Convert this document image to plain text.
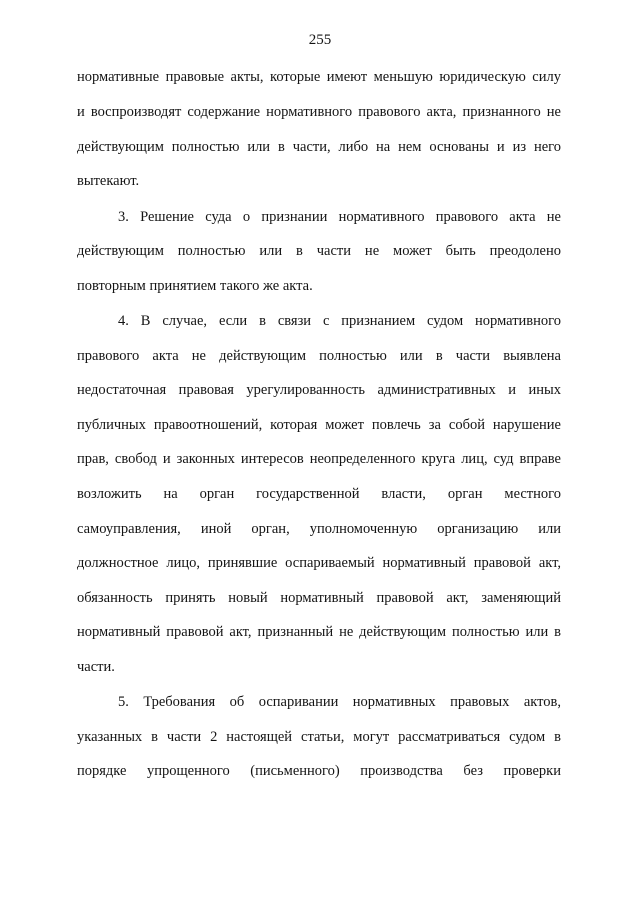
255
нормативные правовые акты, которые имеют меньшую юридическую силу
и воспроизводят содержание нормативного правового акта, признанного не
действующим полностью или в части, либо на нем основаны и из него
вытекают.
3. Решение суда о признании нормативного правового акта не
действующим полностью или в части не может быть преодолено
повторным принятием такого же акта.
4. В случае, если в связи с признанием судом нормативного
правового акта не действующим полностью или в части выявлена
недостаточная правовая урегулированность административных и иных
публичных правоотношений, которая может повлечь за собой нарушение
прав, свобод и законных интересов неопределенного круга лиц, суд вправе
возложить на орган государственной власти, орган местного
самоуправления, иной орган, уполномоченную организацию или
должностное лицо, принявшие оспариваемый нормативный правовой акт,
обязанность принять новый нормативный правовой акт, заменяющий
нормативный правовой акт, признанный не действующим полностью или в
части.
5. Требования об оспаривании нормативных правовых актов,
указанных в части 2 настоящей статьи, могут рассматриваться судом в
порядке упрощенного (письменного) производства без проверки
